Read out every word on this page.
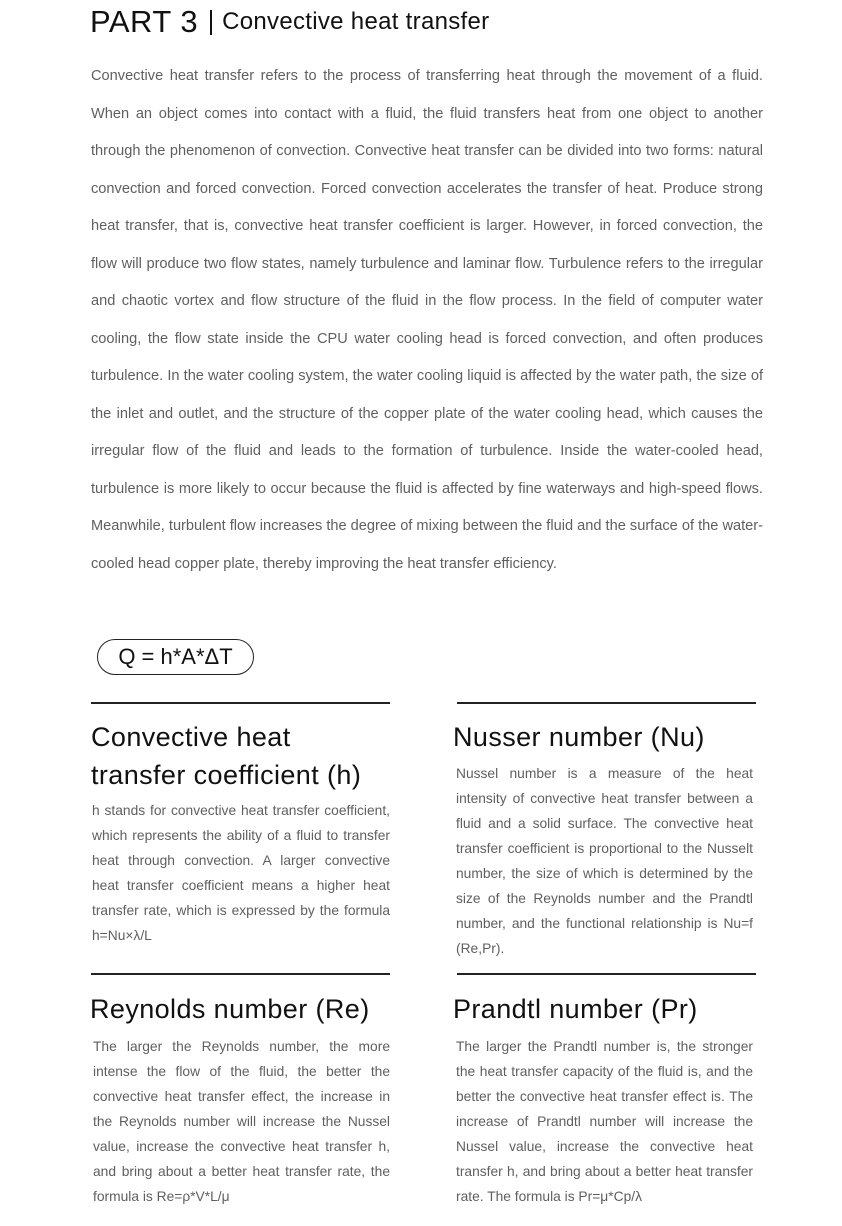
PART 3 Convective heat transfer

Convective heat transfer refers to the process of transferring heat through the movement of a fluid. When an object comes into contact with a fluid, the fluid transfers heat from one object to another through the phenomenon of convection. Convective heat transfer can be divided into two forms: natural convection and forced convection. Forced convection accelerates the transfer of heat. Produce strong heat transfer, that is, convective heat transfer coefficient is larger. However, in forced convection, the flow will produce two flow states, namely turbulence and laminar flow. Turbulence refers to the irregular and chaotic vortex and flow structure of the fluid in the flow process. In the field of computer water cooling, the flow state inside the CPU water cooling head is forced convection, and often produces turbulence. In the water cooling system, the water cooling liquid is affected by the water path, the size of the inlet and outlet, and the structure of the copper plate of the water cooling head, which causes the irregular flow of the fluid and leads to the formation of turbulence. Inside the water-cooled head, turbulence is more likely to occur because the fluid is affected by fine waterways and high-speed flows. Meanwhile, turbulent flow increases the degree of mixing between the fluid and the surface of the water-cooled head copper plate, thereby improving the heat transfer efficiency.

Q = h*A*ΔT
Convective heat transfer coefficient (h)

h stands for convective heat transfer coefficient, which represents the ability of a fluid to transfer heat through convection. A larger convective heat transfer coefficient means a higher heat transfer rate, which is expressed by the formula h=Nu×λ/L

Nusser number (Nu)

Nussel number is a measure of the heat intensity of convective heat transfer between a fluid and a solid surface. The convective heat transfer coefficient is proportional to the Nusselt number, the size of which is determined by the size of the Reynolds number and the Prandtl number, and the functional relationship is Nu=f (Re,Pr).

Reynolds number (Re)

The larger the Reynolds number, the more intense the flow of the fluid, the better the convective heat transfer effect, the increase in the Reynolds number will increase the Nussel value, increase the convective heat transfer h, and bring about a better heat transfer rate, the formula is Re=ρ*V*L/μ

Prandtl number (Pr)

The larger the Prandtl number is, the stronger the heat transfer capacity of the fluid is, and the better the convective heat transfer effect is. The increase of Prandtl number will increase the Nussel value, increase the convective heat transfer h, and bring about a better heat transfer rate. The formula is Pr=μ*Cp/λ
